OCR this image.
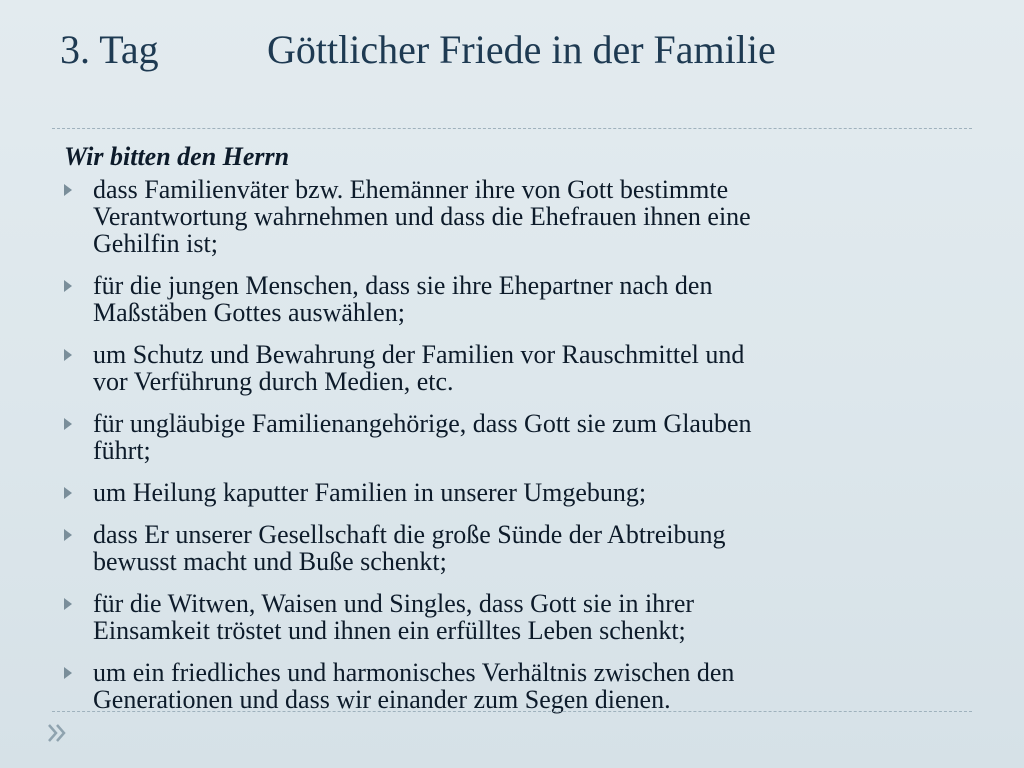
3. Tag	Göttlicher Friede in der Familie
Wir bitten den Herrn
dass Familienväter bzw. Ehemänner ihre von Gott bestimmte
Verantwortung wahrnehmen und dass die Ehefrauen ihnen eine
Gehilfin ist;
für die jungen Menschen, dass sie ihre Ehepartner nach den
Maßstäben Gottes auswählen;
um Schutz und Bewahrung der Familien vor Rauschmittel und
vor Verführung durch Medien, etc.
für ungläubige Familienangehörige, dass Gott sie zum Glauben
führt;
um Heilung kaputter Familien in unserer Umgebung;
dass Er unserer Gesellschaft die große Sünde der Abtreibung
bewusst macht und Buße schenkt;
für die Witwen, Waisen und Singles, dass Gott sie in ihrer
Einsamkeit tröstet und ihnen ein erfülltes Leben schenkt;
um ein friedliches und harmonisches Verhältnis zwischen den
Generationen und dass wir einander zum Segen dienen.
